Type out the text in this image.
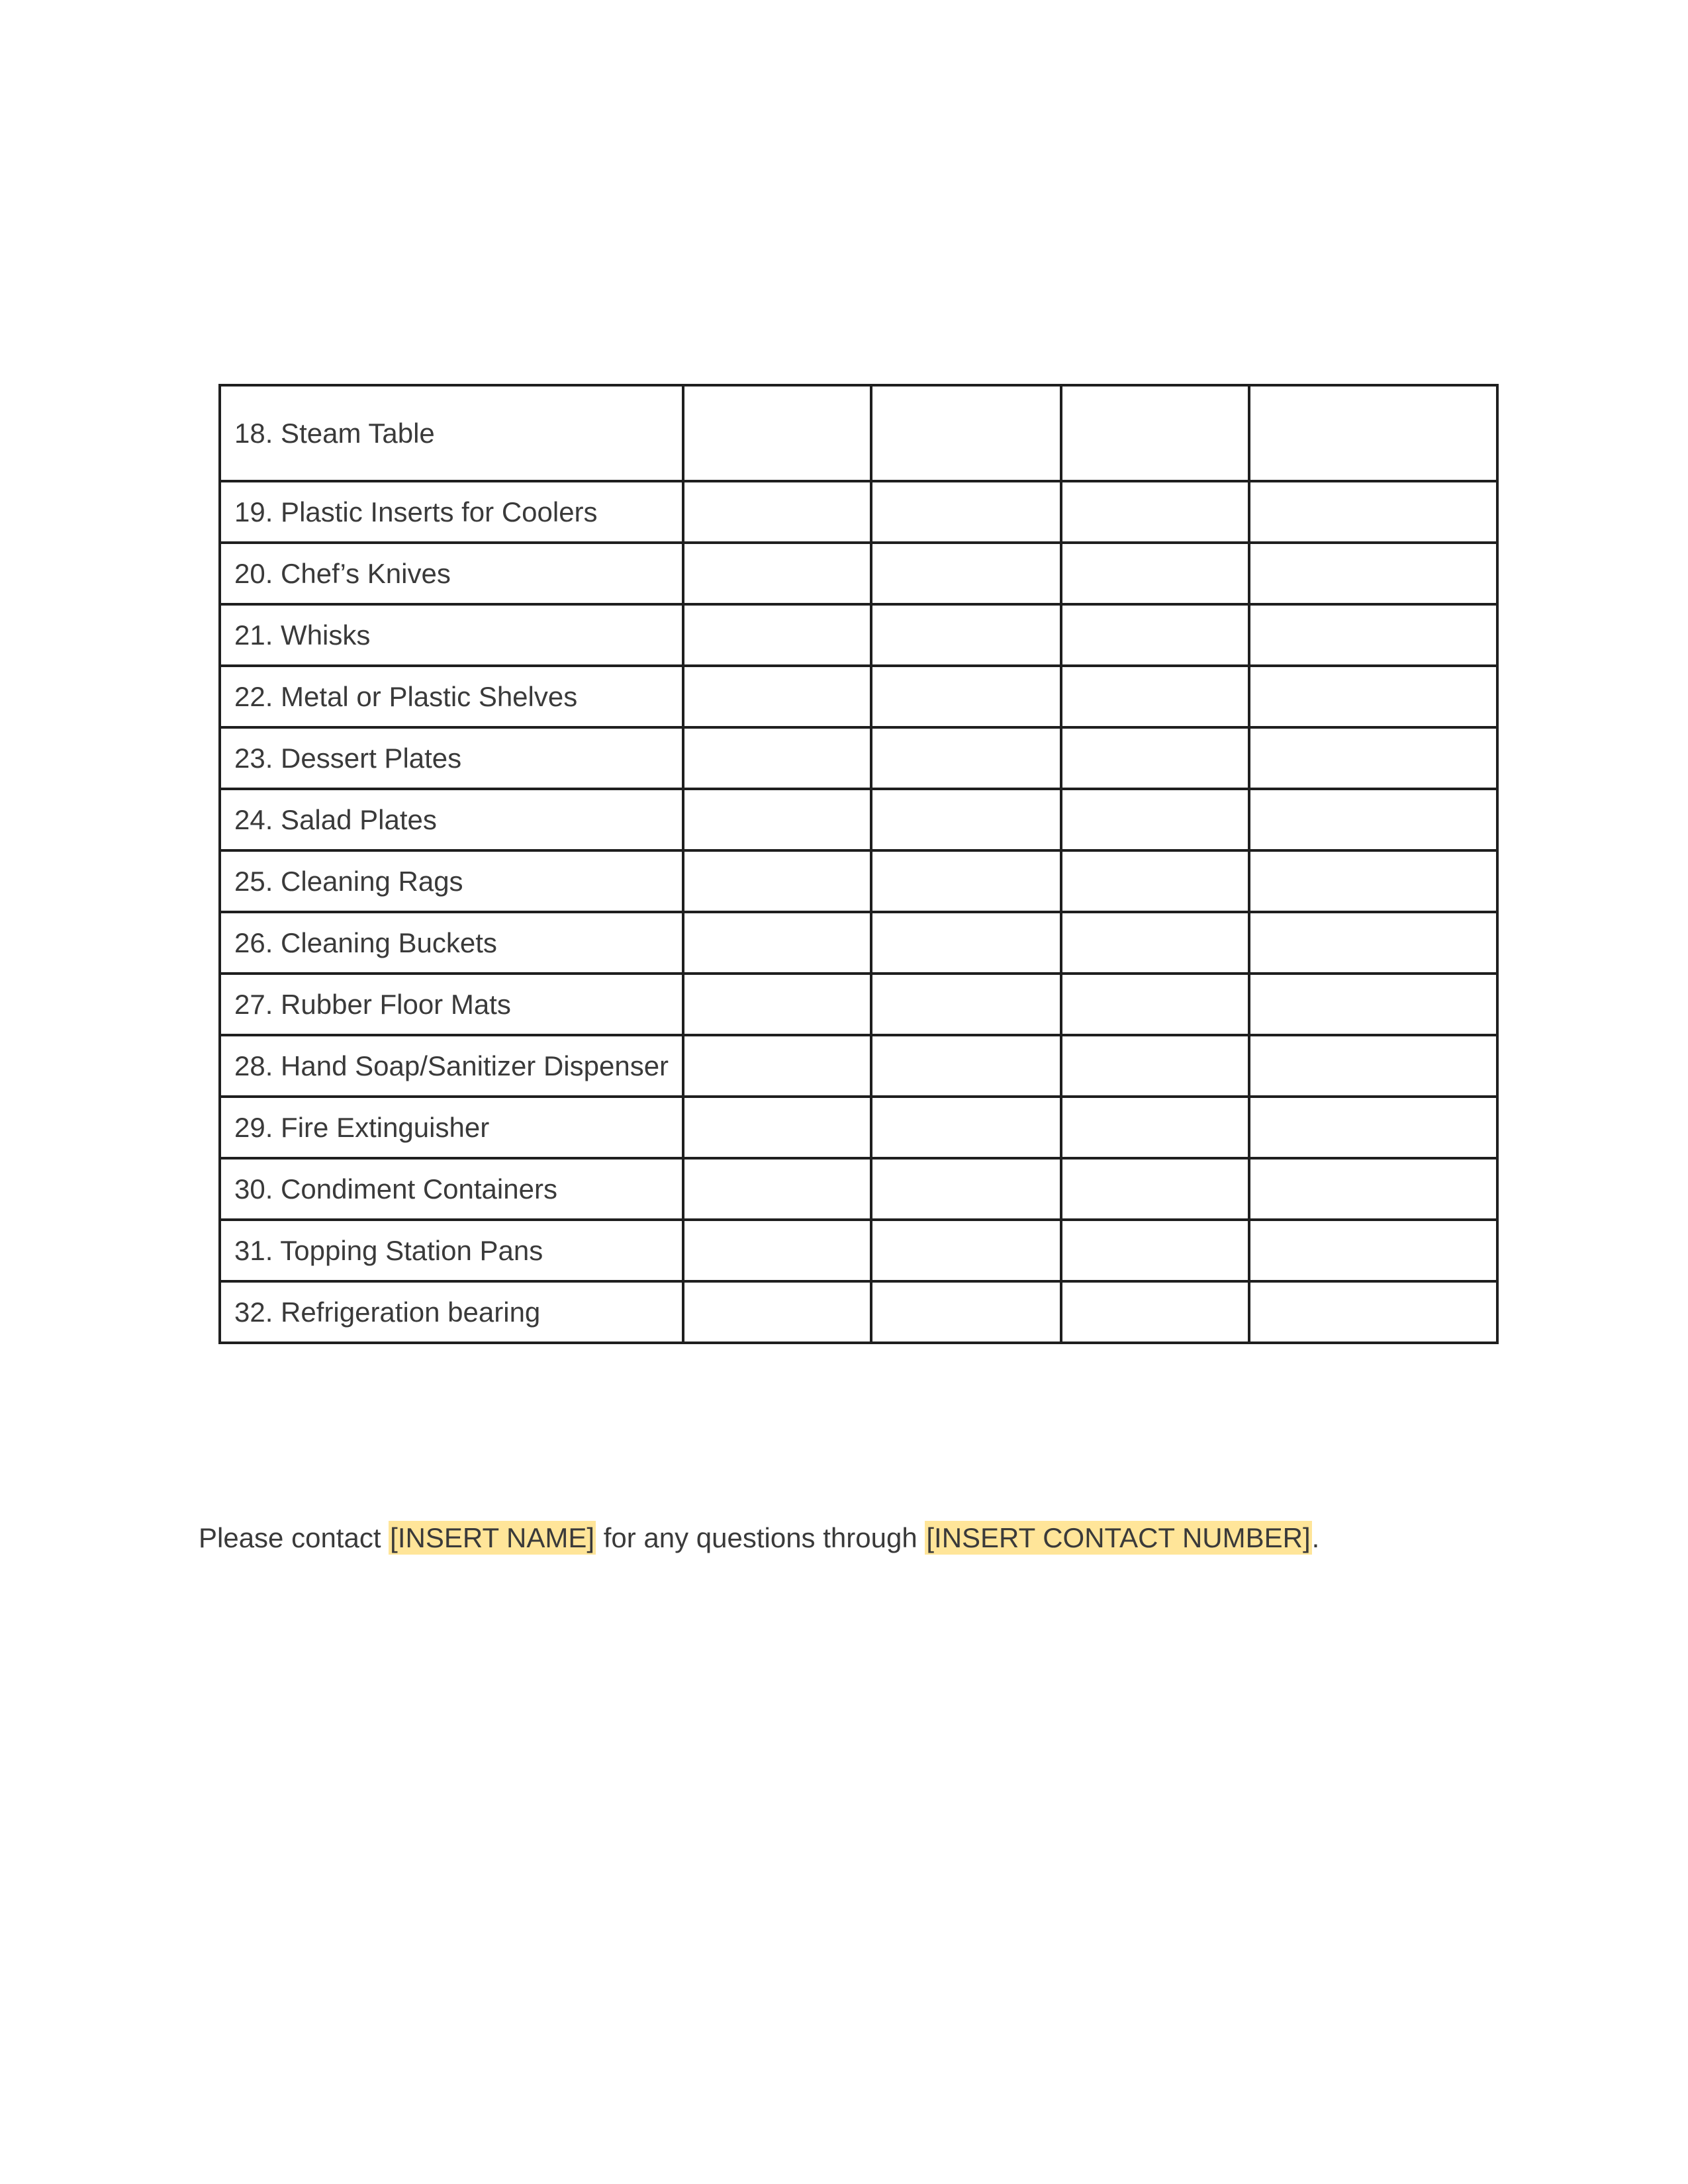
18. Steam Table				
19. Plastic Inserts for Coolers				
20. Chef’s Knives				
21. Whisks				
22. Metal or Plastic Shelves				
23. Dessert Plates				
24. Salad Plates				
25. Cleaning Rags				
26. Cleaning Buckets				
27. Rubber Floor Mats				
28. Hand Soap/Sanitizer Dispenser				
29. Fire Extinguisher				
30. Condiment Containers				
31. Topping Station Pans				
32. Refrigeration bearing				

Please contact [INSERT NAME] for any questions through [INSERT CONTACT NUMBER].
